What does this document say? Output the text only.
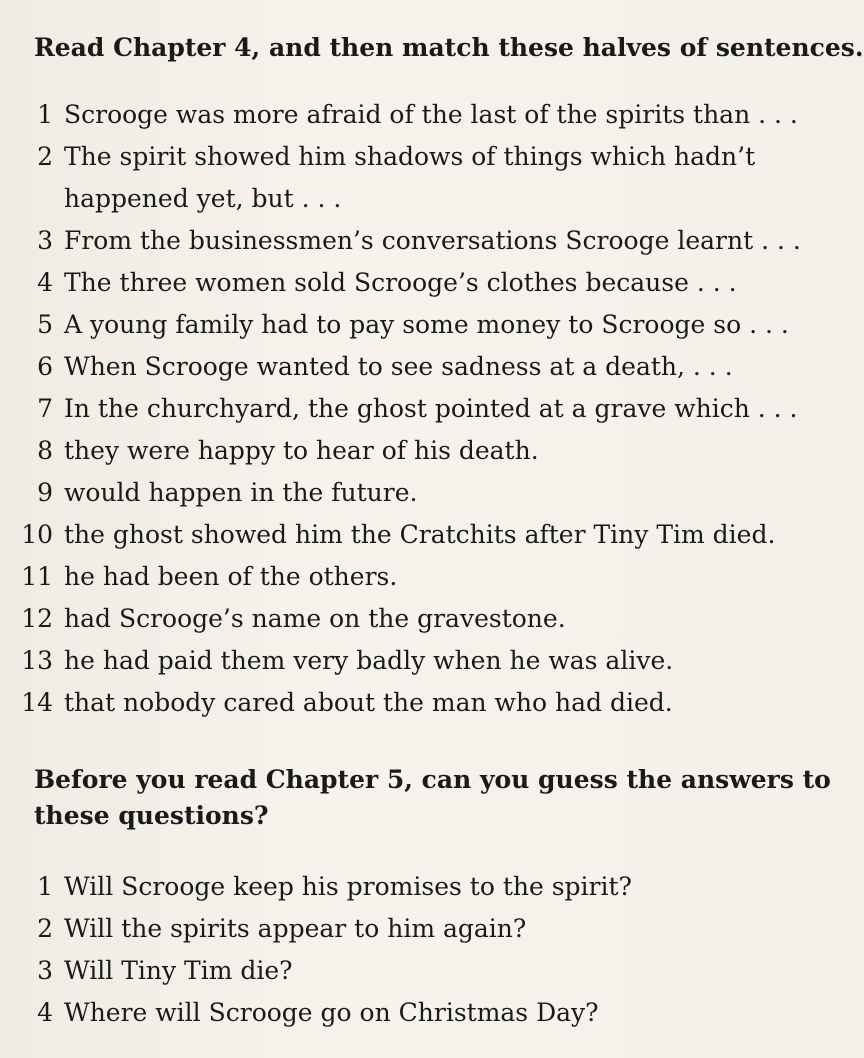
Read Chapter 4, and then match these halves of sentences.

1 Scrooge was more afraid of the last of the spirits than . . .
2 The spirit showed him shadows of things which hadn’t happened yet, but . . .
3 From the businessmen’s conversations Scrooge learnt . . .
4 The three women sold Scrooge’s clothes because . . .
5 A young family had to pay some money to Scrooge so . . .
6 When Scrooge wanted to see sadness at a death, . . .
7 In the churchyard, the ghost pointed at a grave which . . .
8 they were happy to hear of his death.
9 would happen in the future.
10 the ghost showed him the Cratchits after Tiny Tim died.
11 he had been of the others.
12 had Scrooge’s name on the gravestone.
13 he had paid them very badly when he was alive.
14 that nobody cared about the man who had died.

Before you read Chapter 5, can you guess the answers to these questions?

1 Will Scrooge keep his promises to the spirit?
2 Will the spirits appear to him again?
3 Will Tiny Tim die?
4 Where will Scrooge go on Christmas Day?
